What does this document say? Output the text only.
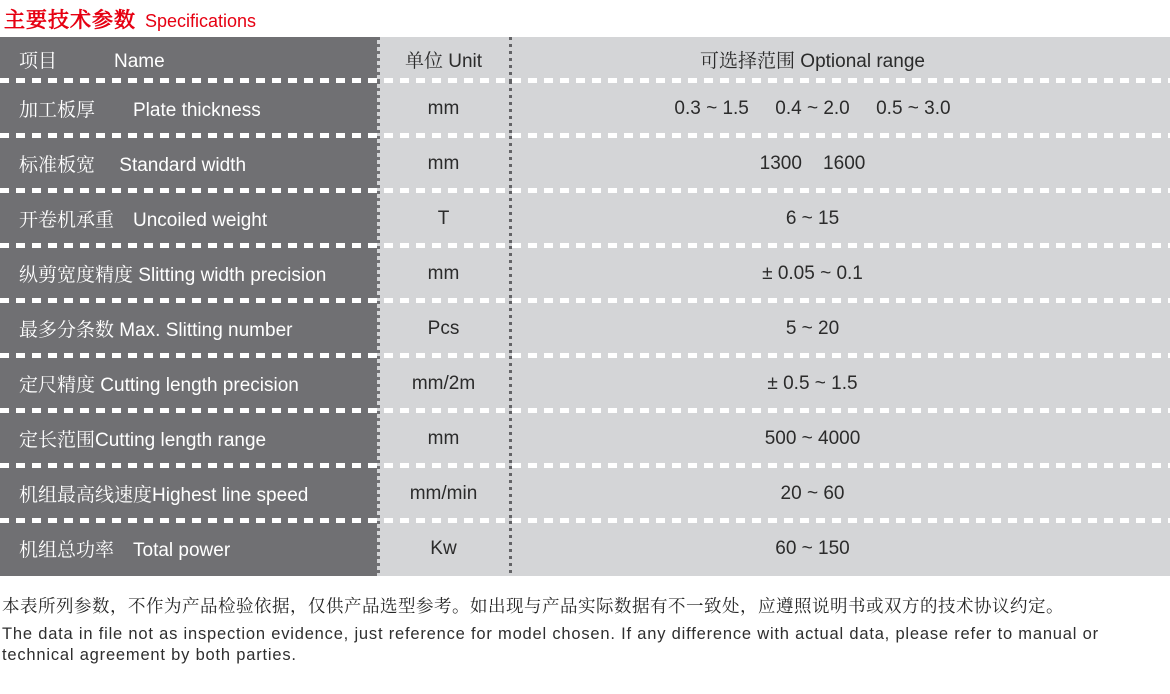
主要技术参数 Specifications
项目　　　Name	单位 Unit	可选择范围 Optional range
加工板厚　　Plate thickness	mm	0.3 ~ 1.5     0.4 ~ 2.0     0.5 ~ 3.0
标准板宽　 Standard width	mm	1300    1600
开卷机承重　Uncoiled weight	T	6 ~ 15
纵剪宽度精度 Slitting width precision	mm	± 0.05 ~ 0.1
最多分条数 Max. Slitting number	Pcs	5 ~ 20
定尺精度 Cutting length precision	mm/2m	± 0.5 ~ 1.5
定长范围Cutting length range	mm	500 ~ 4000
机组最高线速度Highest line speed	mm/min	20 ~ 60
机组总功率　Total power	Kw	60 ~ 150
本表所列参数，不作为产品检验依据，仅供产品选型参考。如出现与产品实际数据有不一致处，应遵照说明书或双方的技术协议约定。
The data in file not as inspection evidence, just reference for model chosen. If any difference with actual data, please refer to manual or technical agreement by both parties.
